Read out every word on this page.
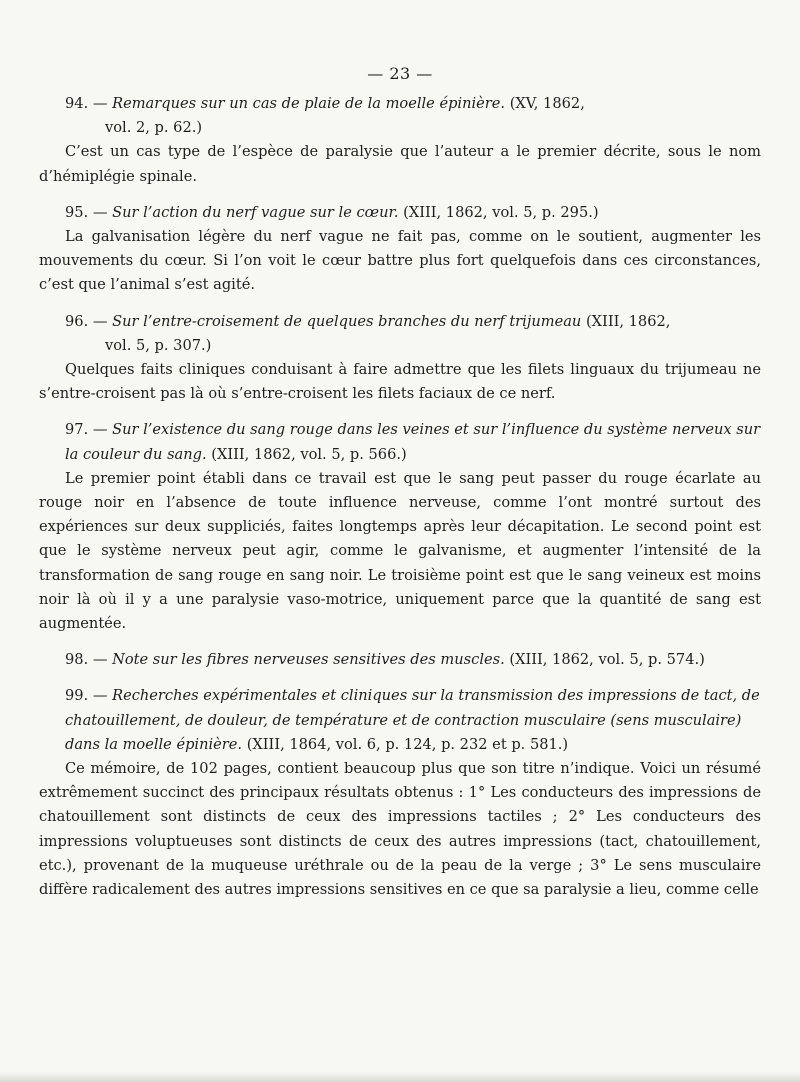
— 23 —

94. — Remarques sur un cas de plaie de la moelle épinière. (XV, 1862,
vol. 2, p. 62.)

C’est un cas type de l’espèce de paralysie que l’auteur a le premier décrite, sous le nom d’hémiplégie spinale.

95. — Sur l’action du nerf vague sur le cœur. (XIII, 1862, vol. 5, p. 295.)

La galvanisation légère du nerf vague ne fait pas, comme on le soutient, augmenter les mouvements du cœur. Si l’on voit le cœur battre plus fort quelquefois dans ces circonstances, c’est que l’animal s’est agité.

96. — Sur l’entre-croisement de quelques branches du nerf trijumeau (XIII, 1862,
vol. 5, p. 307.)

Quelques faits cliniques conduisant à faire admettre que les filets linguaux du trijumeau ne s’entre-croisent pas là où s’entre-croisent les filets faciaux de ce nerf.

97. — Sur l’existence du sang rouge dans les veines et sur l’influence du système nerveux sur la couleur du sang. (XIII, 1862, vol. 5, p. 566.)

Le premier point établi dans ce travail est que le sang peut passer du rouge écarlate au rouge noir en l’absence de toute influence nerveuse, comme l’ont montré surtout des expériences sur deux suppliciés, faites longtemps après leur décapitation. Le second point est que le système nerveux peut agir, comme le galvanisme, et augmenter l’intensité de la transformation de sang rouge en sang noir. Le troisième point est que le sang veineux est moins noir là où il y a une paralysie vaso-motrice, uniquement parce que la quantité de sang est augmentée.

98. — Note sur les fibres nerveuses sensitives des muscles. (XIII, 1862, vol. 5, p. 574.)

99. — Recherches expérimentales et cliniques sur la transmission des impressions de tact, de chatouillement, de douleur, de température et de contraction musculaire (sens musculaire) dans la moelle épinière. (XIII, 1864, vol. 6, p. 124, p. 232 et p. 581.)

Ce mémoire, de 102 pages, contient beaucoup plus que son titre n’indique. Voici un résumé extrêmement succinct des principaux résultats obtenus : 1° Les conducteurs des impressions de chatouillement sont distincts de ceux des impressions tactiles ; 2° Les conducteurs des impressions voluptueuses sont distincts de ceux des autres impressions (tact, chatouillement, etc.), provenant de la muqueuse uréthrale ou de la peau de la verge ; 3° Le sens musculaire diffère radicalement des autres impressions sensitives en ce que sa paralysie a lieu, comme celle
